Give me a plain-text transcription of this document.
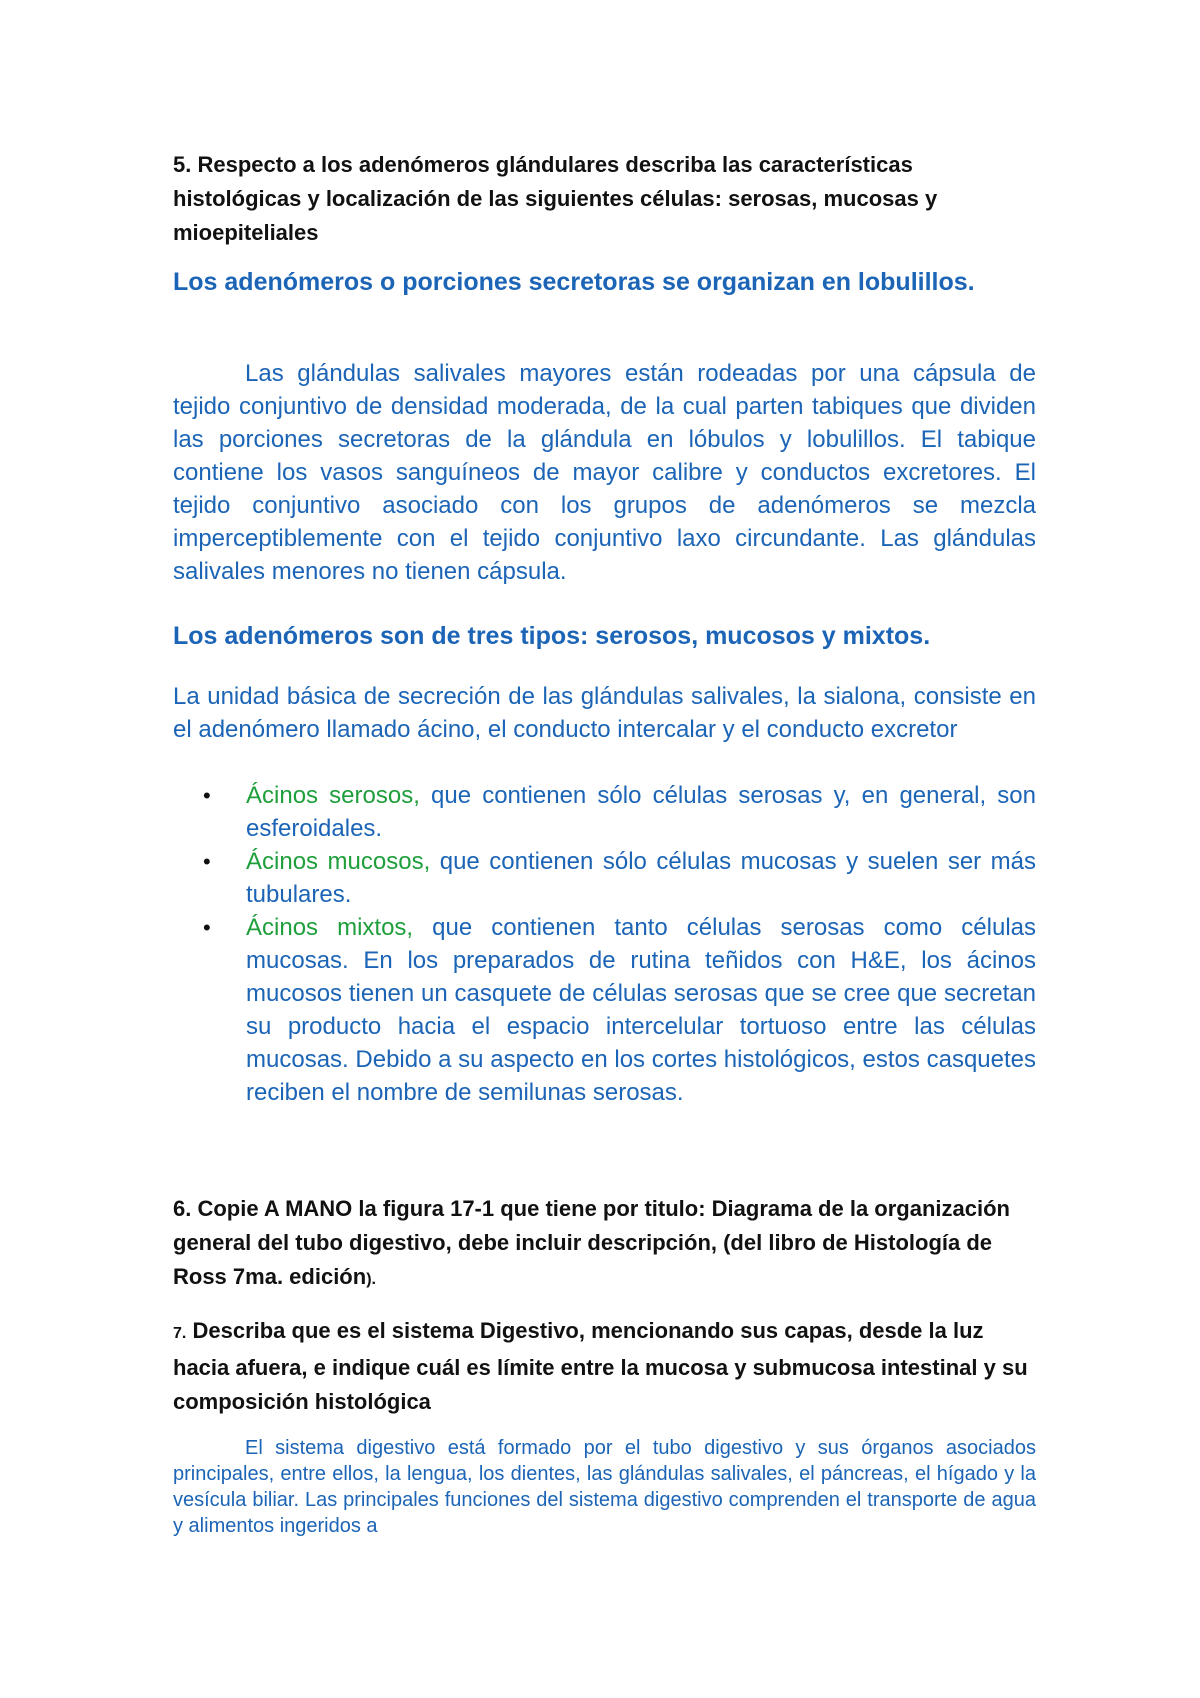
5. Respecto a los adenómeros glándulares describa las características histológicas y localización de las siguientes células: serosas, mucosas y mioepiteliales

Los adenómeros o porciones secretoras se organizan en lobulillos.

Las glándulas salivales mayores están rodeadas por una cápsula de tejido conjuntivo de densidad moderada, de la cual parten tabiques que dividen las porciones secretoras de la glándula en lóbulos y lobulillos. El tabique contiene los vasos sanguíneos de mayor calibre y conductos excretores. El tejido conjuntivo asociado con los grupos de adenómeros se mezcla imperceptiblemente con el tejido conjuntivo laxo circundante. Las glándulas salivales menores no tienen cápsula.

Los adenómeros son de tres tipos: serosos, mucosos y mixtos.

La unidad básica de secreción de las glándulas salivales, la sialona, consiste en el adenómero llamado ácino, el conducto intercalar y el conducto excretor

• Ácinos serosos, que contienen sólo células serosas y, en general, son esferoidales.
• Ácinos mucosos, que contienen sólo células mucosas y suelen ser más tubulares.
• Ácinos mixtos, que contienen tanto células serosas como células mucosas. En los preparados de rutina teñidos con H&E, los ácinos mucosos tienen un casquete de células serosas que se cree que secretan su producto hacia el espacio intercelular tortuoso entre las células mucosas. Debido a su aspecto en los cortes histológicos, estos casquetes reciben el nombre de semilunas serosas.

6. Copie A MANO la figura 17-1 que tiene por titulo: Diagrama de la organización general del tubo digestivo, debe incluir descripción, (del libro de Histología de Ross 7ma. edición).

7. Describa que es el sistema Digestivo, mencionando sus capas, desde la luz hacia afuera, e indique cuál es límite entre la mucosa y submucosa intestinal y su composición histológica

El sistema digestivo está formado por el tubo digestivo y sus órganos asociados principales, entre ellos, la lengua, los dientes, las glándulas salivales, el páncreas, el hígado y la vesícula biliar. Las principales funciones del sistema digestivo comprenden el transporte de agua y alimentos ingeridos a
